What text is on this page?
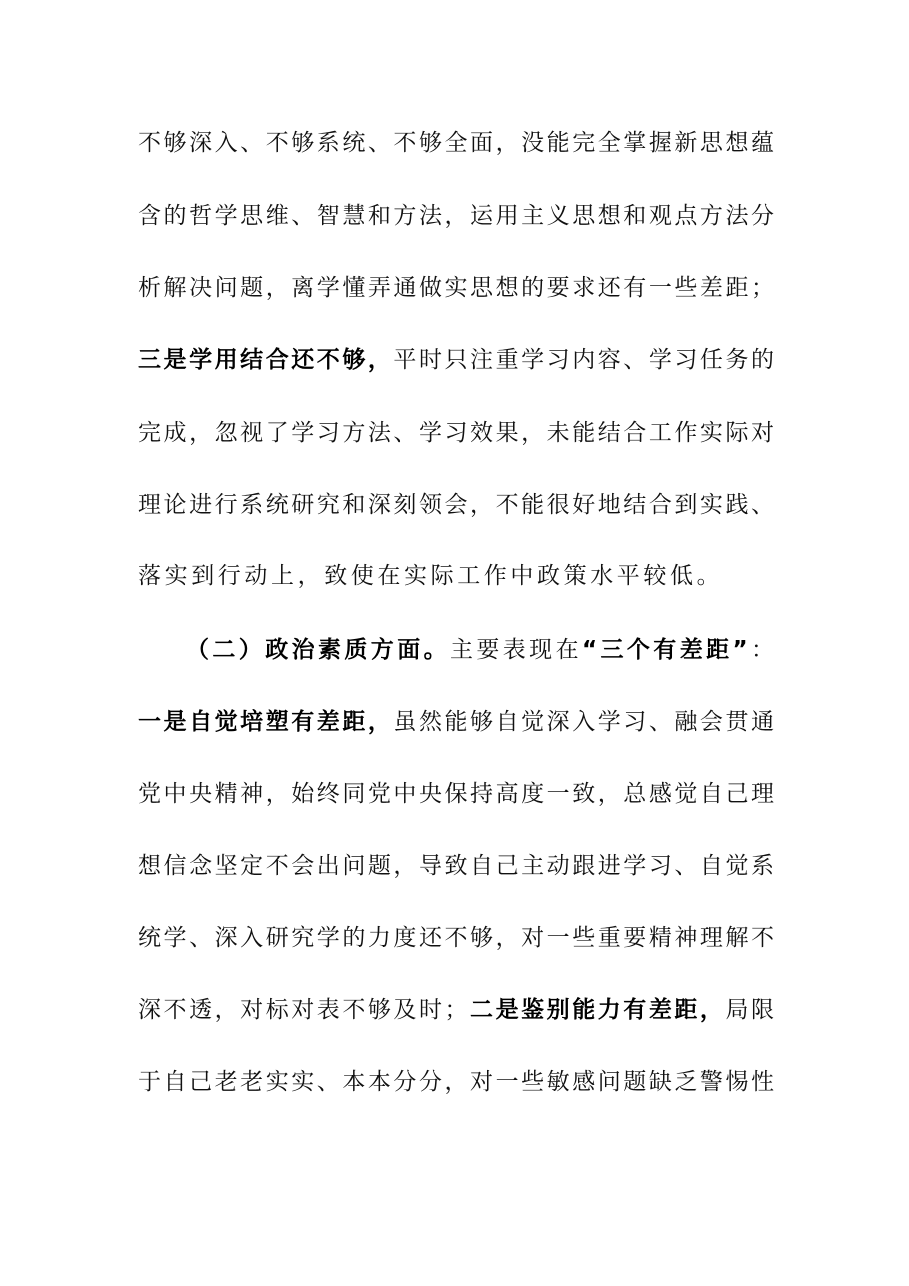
不够深入、不够系统、不够全面，没能完全掌握新思想蕴
含的哲学思维、智慧和方法，运用主义思想和观点方法分
析解决问题，离学懂弄通做实思想的要求还有一些差距；
三是学用结合还不够，平时只注重学习内容、学习任务的
完成，忽视了学习方法、学习效果，未能结合工作实际对
理论进行系统研究和深刻领会，不能很好地结合到实践、
落实到行动上，致使在实际工作中政策水平较低。
（二）政治素质方面。主要表现在“三个有差距”：
一是自觉培塑有差距，虽然能够自觉深入学习、融会贯通
党中央精神，始终同党中央保持高度一致，总感觉自己理
想信念坚定不会出问题，导致自己主动跟进学习、自觉系
统学、深入研究学的力度还不够，对一些重要精神理解不
深不透，对标对表不够及时；二是鉴别能力有差距，局限
于自己老老实实、本本分分，对一些敏感问题缺乏警惕性
